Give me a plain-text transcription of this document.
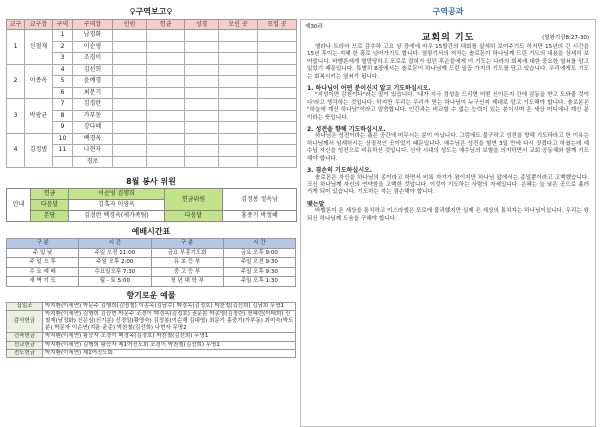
♀구역보고♀
교구	교구장	구역	구역장	인원	헌금	성경	모인 곳	모일 곳
1	신철재	1	남경화					
		2	이순영					
		3	조경이					
2	이종옥	4	김선희					
		5	윤예경					
		6	최문기					
3	박광균	7	김경란					
		8	가부동					
		9	강다혜					
4	김정범	10	백경옥					
		11	나현자					
			경로					
8월 봉사 위원
안내	헌금	이순영 김행희	헌금위원	김정봉 정옥남
	다음달	김혹자 이영옥		
	본당	김정란 백경옥(새가족팀)	다음달	홍종기 박정혜
예배시간표
구 분	시 간	구 분	시 간
주 일 낮	주일 오전 11:00	금요 부흥기도회	금요 오후 9:00
주 일 오 후	주일 오후 2:00	유 초 등 부	주일 오전 9:30
수 요 예 배	수요일오후 7:30	중 고 등 부	주일 오후 9:30
새 벽 기 도	월 - 토 5:00	청 년 대 학 부	주일 오후 1:30
향기로운 예물
십일조	박지환(이세연) 박문주 김행희(김영철) 이종옥(김남수) 백경옥(김정호) 박찬철(김선희) 김남희 무명1
감사헌금	박지환(이세연) 김행희 김승현 박문주 조경이 백경옥(김정호) 권문분 박종영(김정란) 천혜련(이태희) 신철재(남정화) 신은심(신기분) 신경일(황영숙) 김정봉(이순재 김대영) 최문기 홍중기(가부동) 최미숙(박도분) 박문자 이순연(지윤 윤준) 박찬철(김선희) 나현자 무명2
건축헌금	박지환(이세연) 황승자 조경이 백경옥(김정호) 박찬철(김선희) 무명1
선교헌금	박지환(이세연) 김행희 황승자 제1여전도회 조경이 박찬철(김선희) 무명1
전도헌금	박지환(이세연) 제1여전도회
구역공과
제30과
교회의 기도	(열왕기상8:27-30)

엘라나 트라마 므로 감추하 고요 상 장에에 마우 15할간의 대회를 살세히 보여주기도 하지만 15년의 긴 시간을 15년 후이는 지혜 한 흥로 넘어가기도 합니다. 열왕기서의 저자는 솔로몬이 하나님께 드린 기도의 내용을 상세히 보여줍니다. 바벨론에게 멸망당하고 포로로 잡혀가 있던 후손들에게 이 기도는 나라의 회복에 대한 중요한 열쇠를 담고 있었기 때문입니다. 특별히 8장에서는 솔로몬이 하나님께 드린 일곱 가지의 기도를 담고 있습니다. 우리에게도 기도는 회복시키는 열쇠가 됩니다.

1. 하나님이 어떤 분이신지 알고 기도하십시오.

"지성이면 감천이다"라는 말이 있습니다. '내가 지극 정성을 드리면 어떤 신이든지 간에 감동을 받고 도와줄 것이다'라고 생각하는 것입니다. 하지만 우리는 우리가 믿는 하나님이 누구신지 제대로 알고 기도해야 합니다. 솔로몬은 "하늘에 계신 하나님"이라고 말씀합니다. 인간과는 비교할 수 없는 능력이 있는 분이시며 온 세상 어디에나 계신 분이라는 뜻입니다.

2. 성전을 향해 기도하십시오.

하나님은 성전이라는 좁은 공간에 머무시는 분이 아닙니다. 그럼에도 불구하고 성전을 향해 기도하라고 한 이유는 하나님께서 임재하시는 상징적인 곳이었기 때문입니다. 예수님은 성전을 헐면 3일 만에 다시 짓겠다고 하셨는데 예수님 자신을 성전으로 비유하신 것입니다. 신약 시대의 성도는 예수님의 보혈을 의지하면서 교회 공동체와 함께 기도해야 합니다.

3. 겸손히 기도하십시오.

솔로몬은 자신을 하나님의 종이라고 하면서 비록 자기가 왕이지만 하나님 앞에서는 종일뿐이라고 고백했습니다. 크신 하나님께 자신의 연약함을 고백한 것입니다. 이것이 기도하는 사람의 자세입니다. 은혜는 늘 낮은 곳으로 흘러가게 되어 있습니다. 기도하는 자는 겸손해야 합니다.

맺는말

바벨론이 온 세상을 통치하고 이스라엘은 포로에 불과했지만 실제 온 세상의 통치자는 하나님이십니다. 우리는 왕 되신 하나님께 도움을 구해야 합니다.
